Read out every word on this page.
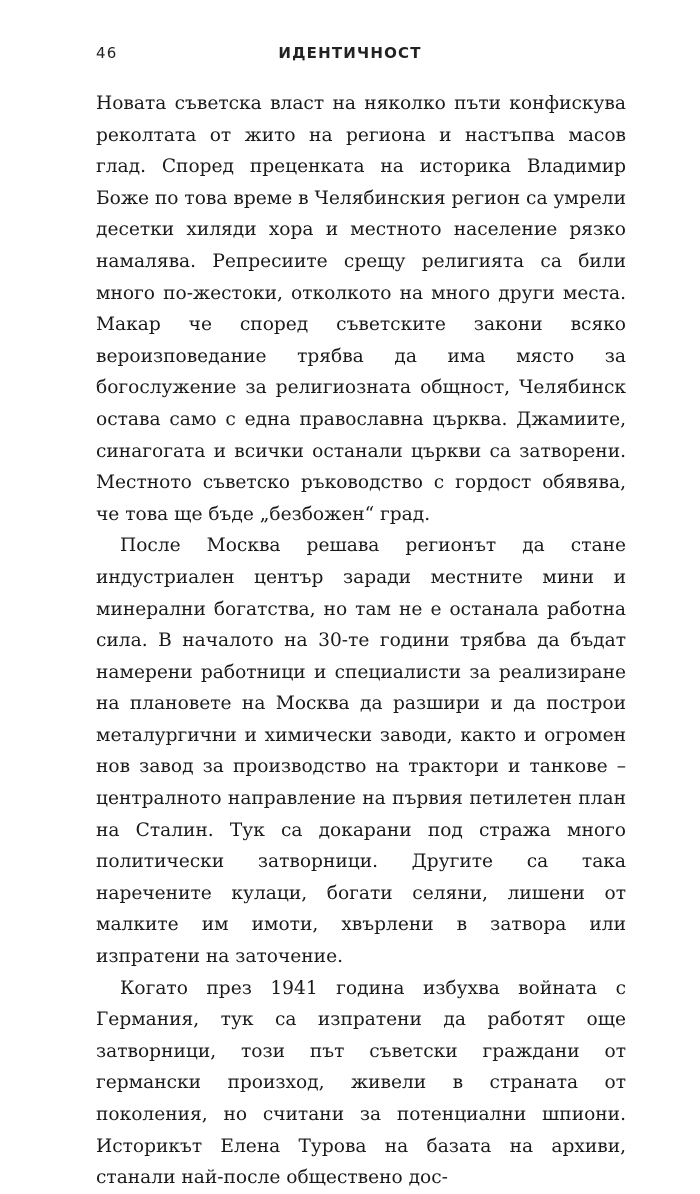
46	ИДЕНТИЧНОСТ

Новата съветска власт на няколко пъти конфискува реколтата от жито на региона и настъпва масов глад. Според преценката на историка Владимир Боже по това време в Челябинския регион са умрели десетки хиляди хора и местното население рязко намалява. Репресиите срещу религията са били много по-жестоки, отколкото на много други места. Макар че според съветските закони всяко вероизповедание трябва да има място за богослужение за религиозната общност, Челябинск остава само с една православна църква. Джамиите, синагогата и всички останали църкви са затворени. Местното съветско ръководство с гордост обявява, че това ще бъде „безбожен“ град.

После Москва решава регионът да стане индустриален център заради местните мини и минерални богатства, но там не е останала работна сила. В началото на 30-те години трябва да бъдат намерени работници и специалисти за реализиране на плановете на Москва да разшири и да построи металургични и химически заводи, както и огромен нов завод за производство на трактори и танкове – централното направление на първия петилетен план на Сталин. Тук са докарани под стража много политически затворници. Другите са така наречените кулаци, богати селяни, лишени от малките им имоти, хвърлени в затвора или изпратени на заточение.

Когато през 1941 година избухва войната с Германия, тук са изпратени да работят още затворници, този път съветски граждани от германски произход, живели в страната от поколения, но считани за потенциални шпиони. Историкът Елена Турова на базата на архиви, станали най-после обществено дос-
